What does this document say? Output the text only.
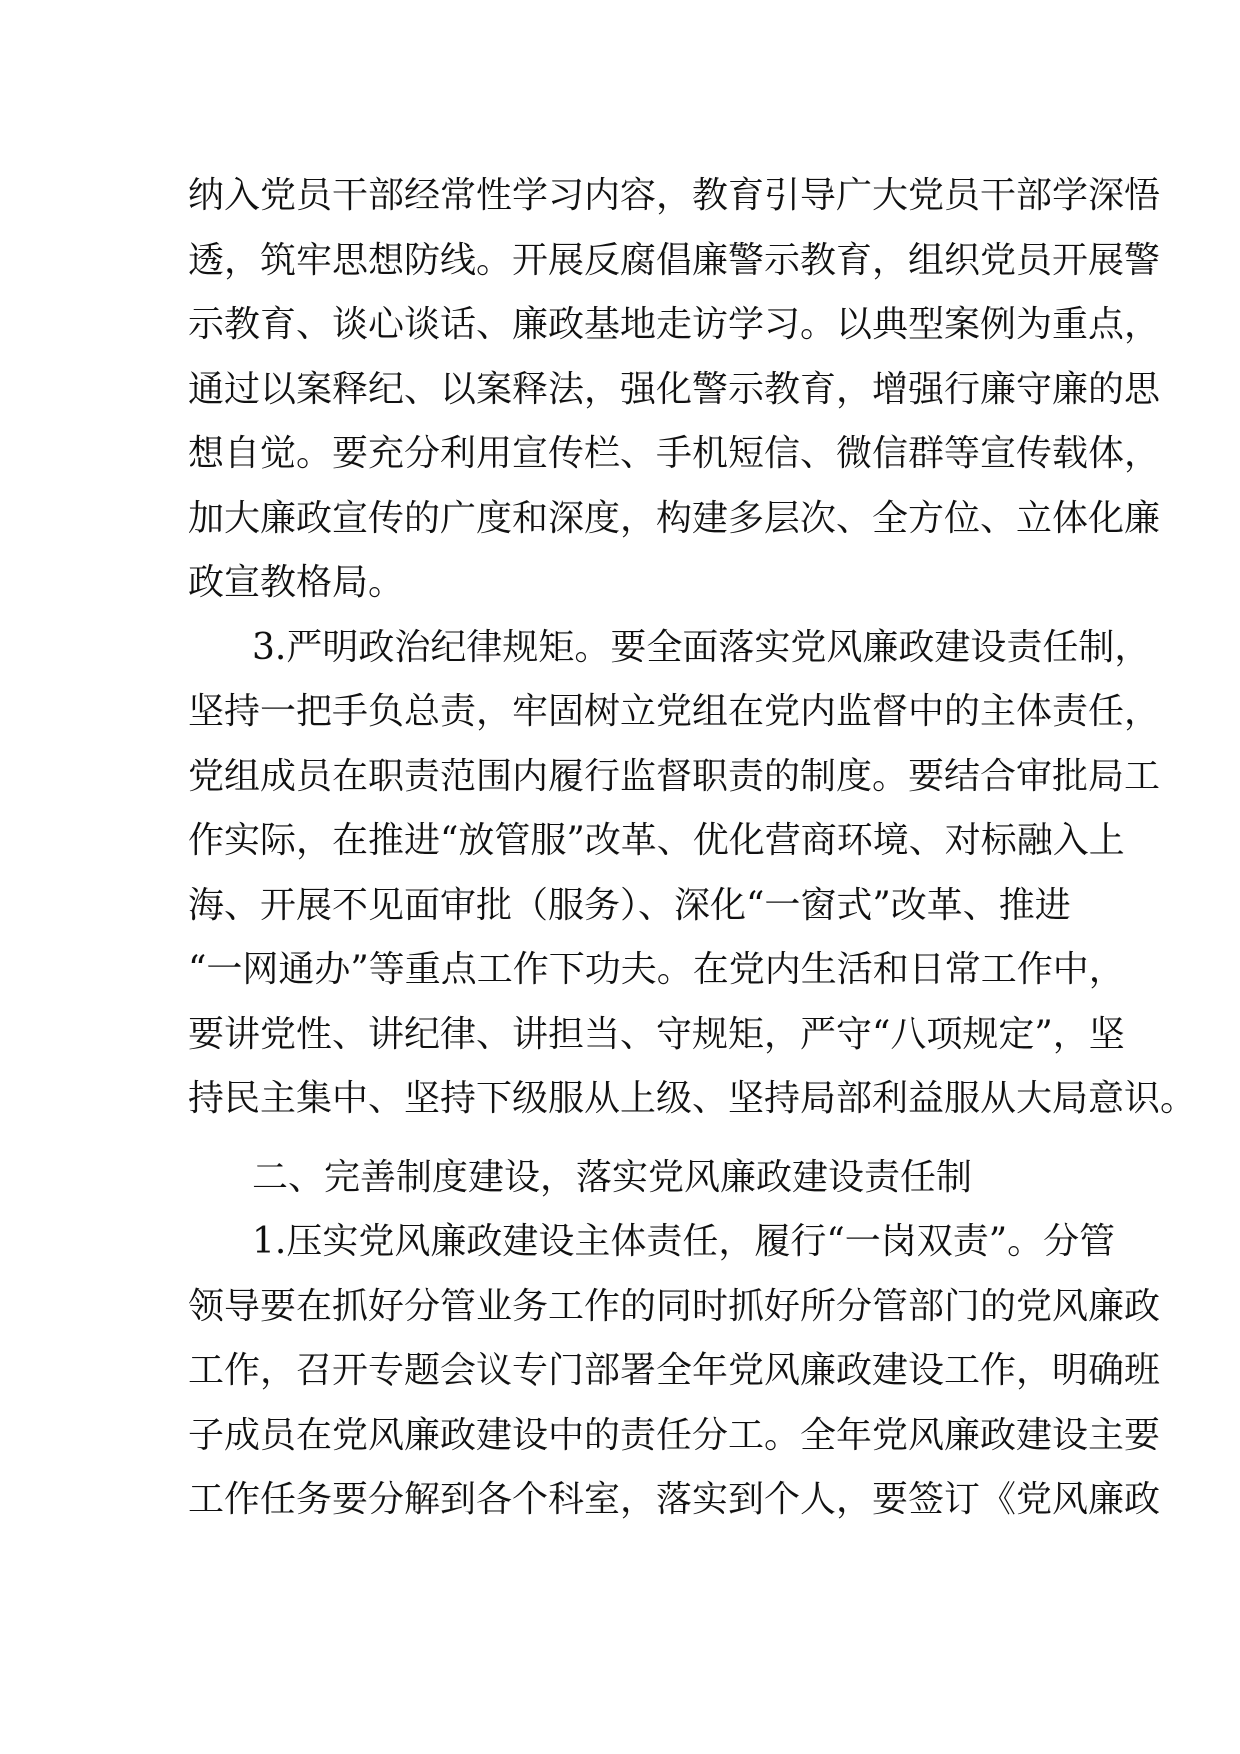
纳入党员干部经常性学习内容，教育引导广大党员干部学深悟
透，筑牢思想防线。开展反腐倡廉警示教育，组织党员开展警
示教育、谈心谈话、廉政基地走访学习。以典型案例为重点，
通过以案释纪、以案释法，强化警示教育，增强行廉守廉的思
想自觉。要充分利用宣传栏、手机短信、微信群等宣传载体，
加大廉政宣传的广度和深度，构建多层次、全方位、立体化廉
政宣教格局。
3.严明政治纪律规矩。要全面落实党风廉政建设责任制，
坚持一把手负总责，牢固树立党组在党内监督中的主体责任，
党组成员在职责范围内履行监督职责的制度。要结合审批局工
作实际，在推进“放管服”改革、优化营商环境、对标融入上
海、开展不见面审批（服务）、深化“一窗式”改革、推进
“一网通办”等重点工作下功夫。在党内生活和日常工作中，
要讲党性、讲纪律、讲担当、守规矩，严守“八项规定”，坚
持民主集中、坚持下级服从上级、坚持局部利益服从大局意识。
二、完善制度建设，落实党风廉政建设责任制
1.压实党风廉政建设主体责任，履行“一岗双责”。分管
领导要在抓好分管业务工作的同时抓好所分管部门的党风廉政
工作，召开专题会议专门部署全年党风廉政建设工作，明确班
子成员在党风廉政建设中的责任分工。全年党风廉政建设主要
工作任务要分解到各个科室，落实到个人，要签订《党风廉政
